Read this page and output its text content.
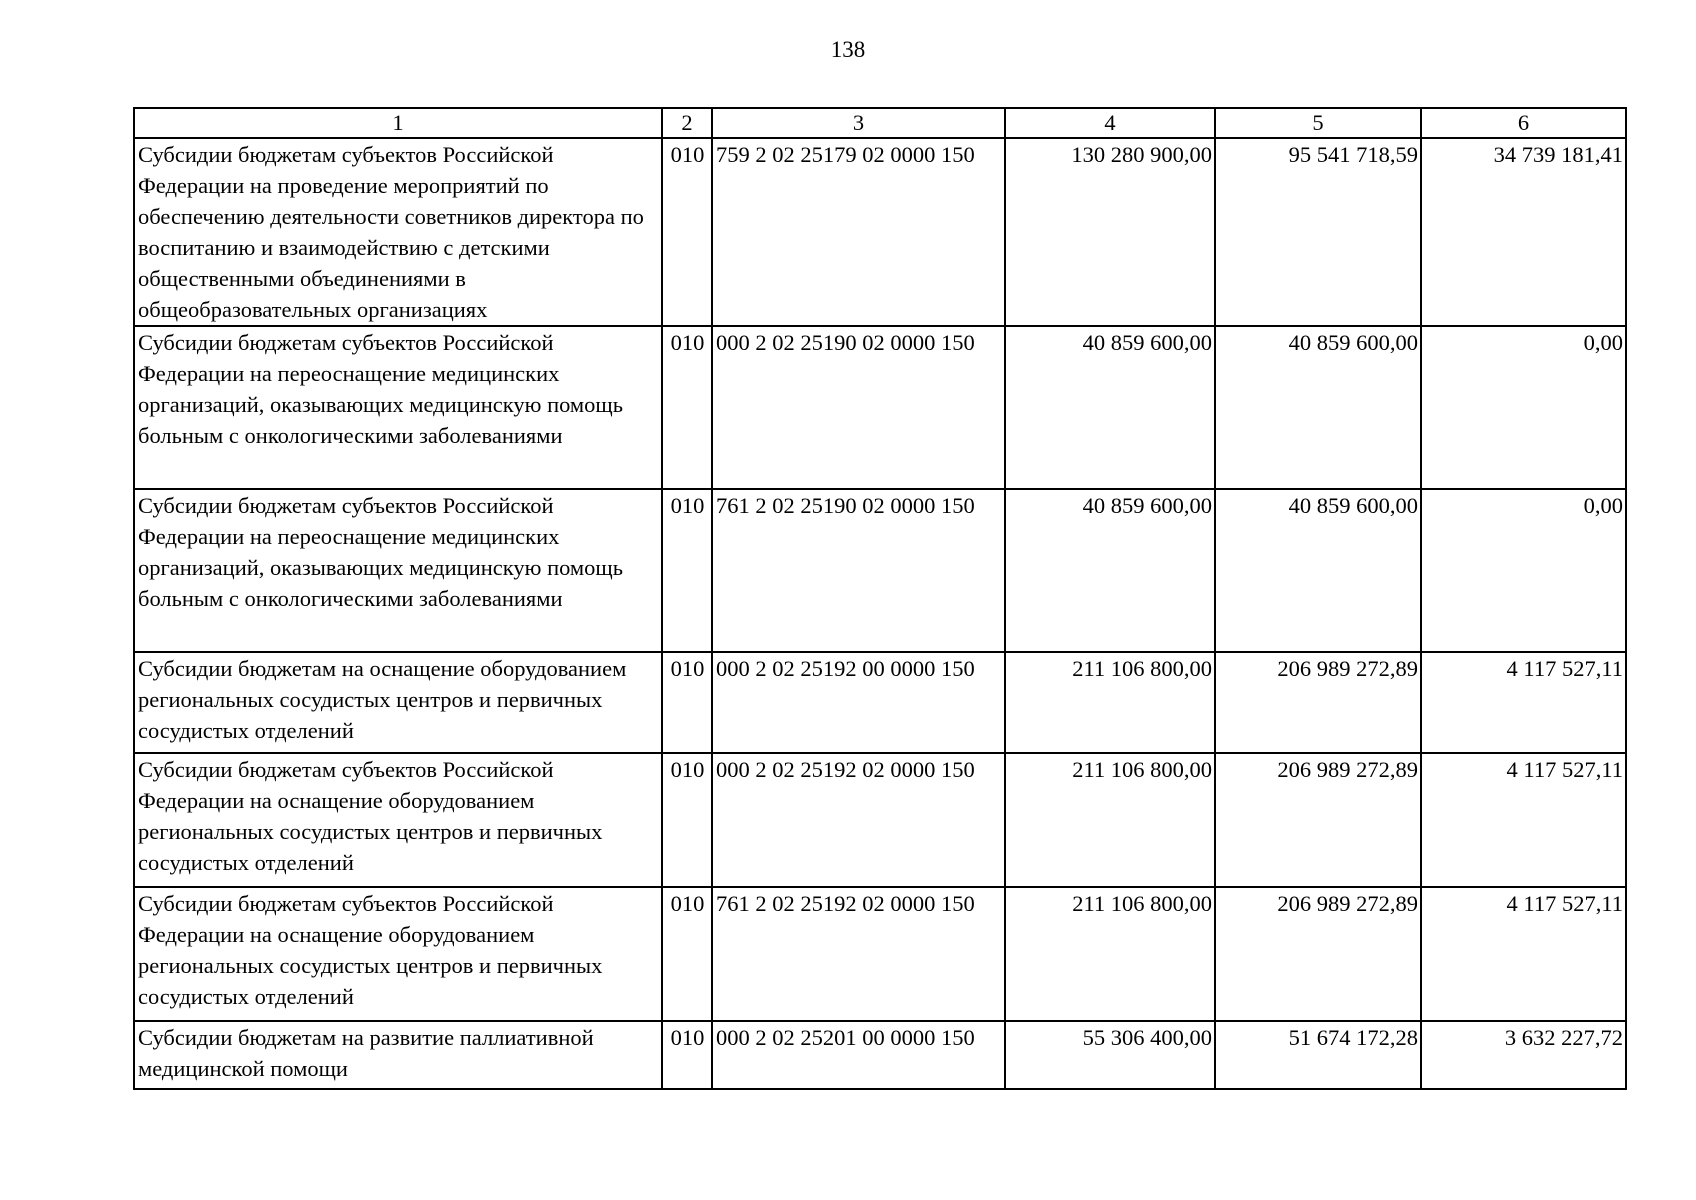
138
1	2	3	4	5	6
Субсидии бюджетам субъектов Российской Федерации на проведение мероприятий по обеспечению деятельности советников директора по воспитанию и взаимодействию с детскими общественными объединениями в общеобразовательных организациях	010	759 2 02 25179 02 0000 150	130 280 900,00	95 541 718,59	34 739 181,41
Субсидии бюджетам субъектов Российской Федерации на переоснащение медицинских организаций, оказывающих медицинскую помощь больным с онкологическими заболеваниями	010	000 2 02 25190 02 0000 150	40 859 600,00	40 859 600,00	0,00
Субсидии бюджетам субъектов Российской Федерации на переоснащение медицинских организаций, оказывающих медицинскую помощь больным с онкологическими заболеваниями	010	761 2 02 25190 02 0000 150	40 859 600,00	40 859 600,00	0,00
Субсидии бюджетам на оснащение оборудованием региональных сосудистых центров и первичных сосудистых отделений	010	000 2 02 25192 00 0000 150	211 106 800,00	206 989 272,89	4 117 527,11
Субсидии бюджетам субъектов Российской Федерации на оснащение оборудованием региональных сосудистых центров и первичных сосудистых отделений	010	000 2 02 25192 02 0000 150	211 106 800,00	206 989 272,89	4 117 527,11
Субсидии бюджетам субъектов Российской Федерации на оснащение оборудованием региональных сосудистых центров и первичных сосудистых отделений	010	761 2 02 25192 02 0000 150	211 106 800,00	206 989 272,89	4 117 527,11
Субсидии бюджетам на развитие паллиативной медицинской помощи	010	000 2 02 25201 00 0000 150	55 306 400,00	51 674 172,28	3 632 227,72
